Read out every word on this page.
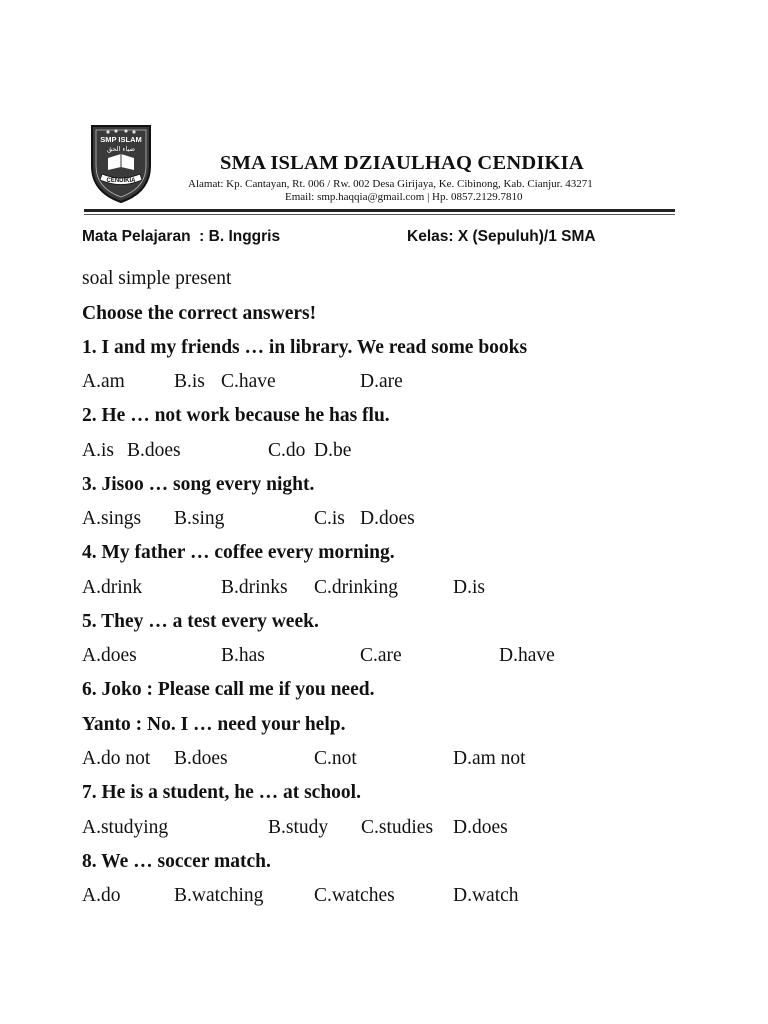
SMP ISLAM
ضياء الحق
CENDIKIA
SMA ISLAM DZIAULHAQ CENDIKIA
Alamat: Kp. Cantayan, Rt. 006 / Rw. 002 Desa Girijaya, Ke. Cibinong, Kab. Cianjur. 43271
Email: smp.haqqia@gmail.com | Hp. 0857.2129.7810
Mata Pelajaran  : B. Inggris	Kelas: X (Sepuluh)/1 SMA
soal simple present
Choose the correct answers!
1. I and my friends … in library. We read some books
A.am	B.is C.have	D.are
2. He … not work because he has flu.
A.is B.does	C.do D.be
3. Jisoo … song every night.
A.sings B.sing	C.is D.does
4. My father … coffee every morning.
A.drink	B.drinks C.drinking	D.is
5. They … a test every week.
A.does	B.has	C.are	D.have
6. Joko : Please call me if you need.
Yanto : No. I … need your help.
A.do not B.does	C.not	D.am not
7. He is a student, he … at school.
A.studying	B.study C.studies D.does
8. We … soccer match.
A.do	B.watching	C.watches	D.watch
